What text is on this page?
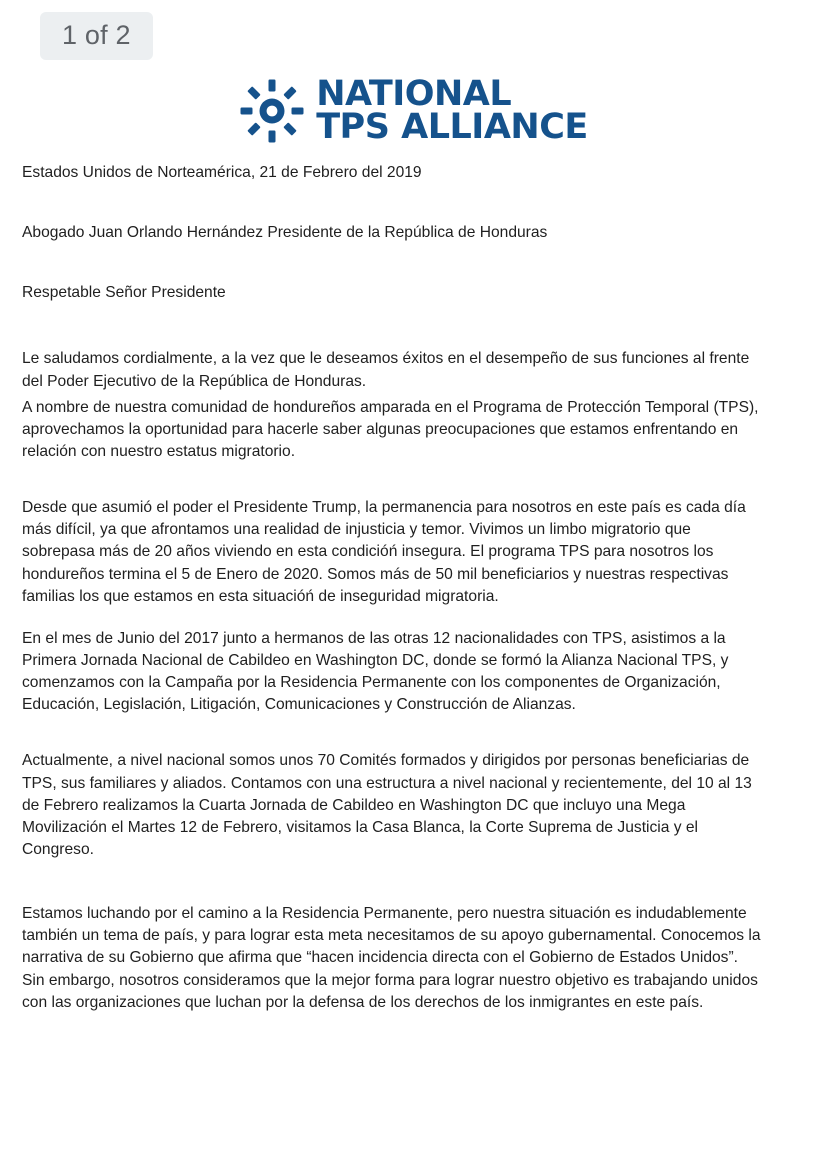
1 of 2
NATIONAL
TPS ALLIANCE

Estados Unidos de Norteamérica, 21 de Febrero del 2019

Abogado Juan Orlando Hernández Presidente de la República de Honduras

Respetable Señor Presidente

Le saludamos cordialmente, a la vez que le deseamos éxitos en el desempeño de sus funciones al frente del Poder Ejecutivo de la República de Honduras.

A nombre de nuestra comunidad de hondureños amparada en el Programa de Protección Temporal (TPS), aprovechamos la oportunidad para hacerle saber algunas preocupaciones que estamos enfrentando en relación con nuestro estatus migratorio.

Desde que asumió el poder el Presidente Trump, la permanencia para nosotros en este país es cada día más difícil, ya que afrontamos una realidad de injusticia y temor. Vivimos un limbo migratorio que sobrepasa más de 20 años viviendo en esta condicióń insegura. El programa TPS para nosotros los hondureños termina el 5 de Enero de 2020. Somos más de 50 mil beneficiarios y nuestras respectivas familias los que estamos en esta situacióń de inseguridad migratoria.

En el mes de Junio del 2017 junto a hermanos de las otras 12 nacionalidades con TPS, asistimos a la Primera Jornada Nacional de Cabildeo en Washington DC, donde se formó la Alianza Nacional TPS, y comenzamos con la Campaña por la Residencia Permanente con los componentes de Organización, Educación, Legislación, Litigación, Comunicaciones y Construcción de Alianzas.

Actualmente, a nivel nacional somos unos 70 Comités formados y dirigidos por personas beneficiarias de TPS, sus familiares y aliados. Contamos con una estructura a nivel nacional y recientemente, del 10 al 13 de Febrero realizamos la Cuarta Jornada de Cabildeo en Washington DC que incluyo una Mega Movilización el Martes 12 de Febrero, visitamos la Casa Blanca, la Corte Suprema de Justicia y el Congreso.

Estamos luchando por el camino a la Residencia Permanente, pero nuestra situación es indudablemente también un tema de país, y para lograr esta meta necesitamos de su apoyo gubernamental. Conocemos la narrativa de su Gobierno que afirma que “hacen incidencia directa con el Gobierno de Estados Unidos”. Sin embargo, nosotros consideramos que la mejor forma para lograr nuestro objetivo es trabajando unidos con las organizaciones que luchan por la defensa de los derechos de los inmigrantes en este país.
